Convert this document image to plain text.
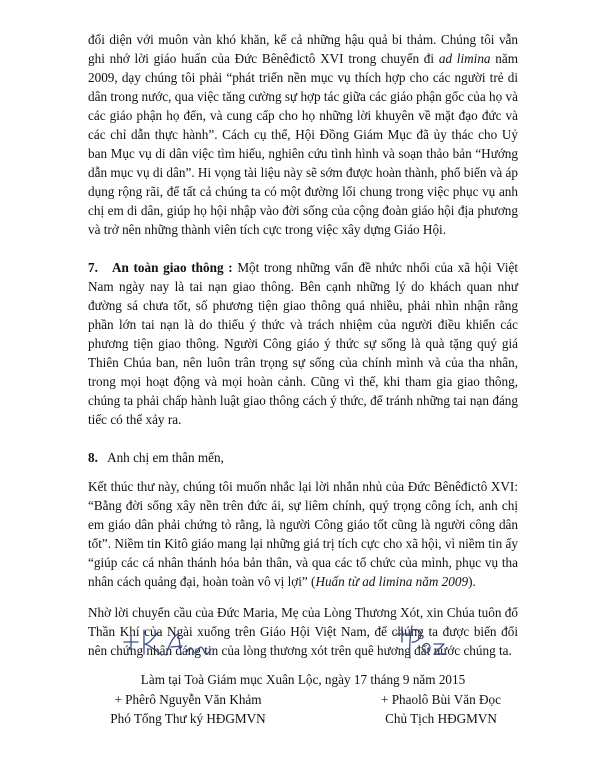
đối diện với muôn vàn khó khăn, kể cả những hậu quả bi thảm. Chúng tôi vẫn ghi nhớ lời giáo huấn của Đức Bênêđictô XVI trong chuyến đi ad limina năm 2009, dạy chúng tôi phải “phát triển nền mục vụ thích hợp cho các người trẻ di dân trong nước, qua việc tăng cường sự hợp tác giữa các giáo phận gốc của họ và các giáo phận họ đến, và cung cấp cho họ những lời khuyên về mặt đạo đức và các chỉ dẫn thực hành”. Cách cụ thể, Hội Đồng Giám Mục đã ủy thác cho Uỷ ban Mục vụ di dân việc tìm hiểu, nghiên cứu tình hình và soạn thảo bản “Hướng dẫn mục vụ di dân”. Hi vọng tài liệu này sẽ sớm được hoàn thành, phổ biến và áp dụng rộng rãi, để tất cả chúng ta có một đường lối chung trong việc phục vụ anh chị em di dân, giúp họ hội nhập vào đời sống của cộng đoàn giáo hội địa phương và trở nên những thành viên tích cực trong việc xây dựng Giáo Hội.

7. An toàn giao thông : Một trong những vấn đề nhức nhối của xã hội Việt Nam ngày nay là tai nạn giao thông. Bên cạnh những lý do khách quan như đường sá chưa tốt, số phương tiện giao thông quá nhiều, phải nhìn nhận rằng phần lớn tai nạn là do thiếu ý thức và trách nhiệm của người điều khiển các phương tiện giao thông. Người Công giáo ý thức sự sống là quà tặng quý giá Thiên Chúa ban, nên luôn trân trọng sự sống của chính mình và của tha nhân, trong mọi hoạt động và mọi hoàn cảnh. Cũng vì thế, khi tham gia giao thông, chúng ta phải chấp hành luật giao thông cách ý thức, để tránh những tai nạn đáng tiếc có thể xảy ra.

8. Anh chị em thân mến,

Kết thúc thư này, chúng tôi muốn nhắc lại lời nhắn nhủ của Đức Bênêđictô XVI: “Bằng đời sống xây nền trên đức ái, sự liêm chính, quý trọng công ích, anh chị em giáo dân phải chứng tỏ rằng, là người Công giáo tốt cũng là người công dân tốt”. Niềm tin Kitô giáo mang lại những giá trị tích cực cho xã hội, vì niềm tin ấy “giúp các cá nhân thánh hóa bản thân, và qua các tổ chức của mình, phục vụ tha nhân cách quảng đại, hoàn toàn vô vị lợi” (Huấn từ ad limina năm 2009).

Nhờ lời chuyển cầu của Đức Maria, Mẹ của Lòng Thương Xót, xin Chúa tuôn đổ Thần Khí của Ngài xuống trên Giáo Hội Việt Nam, để chúng ta được biến đổi nên chứng nhân đáng tin của lòng thương xót trên quê hương đất nước chúng ta.

Làm tại Toà Giám mục Xuân Lộc, ngày 17 tháng 9 năm 2015
+ Phêrô Nguyễn Văn Khảm
Phó Tổng Thư ký HĐGMVN
+ Phaolô Bùi Văn Đọc
Chủ Tịch HĐGMVN
